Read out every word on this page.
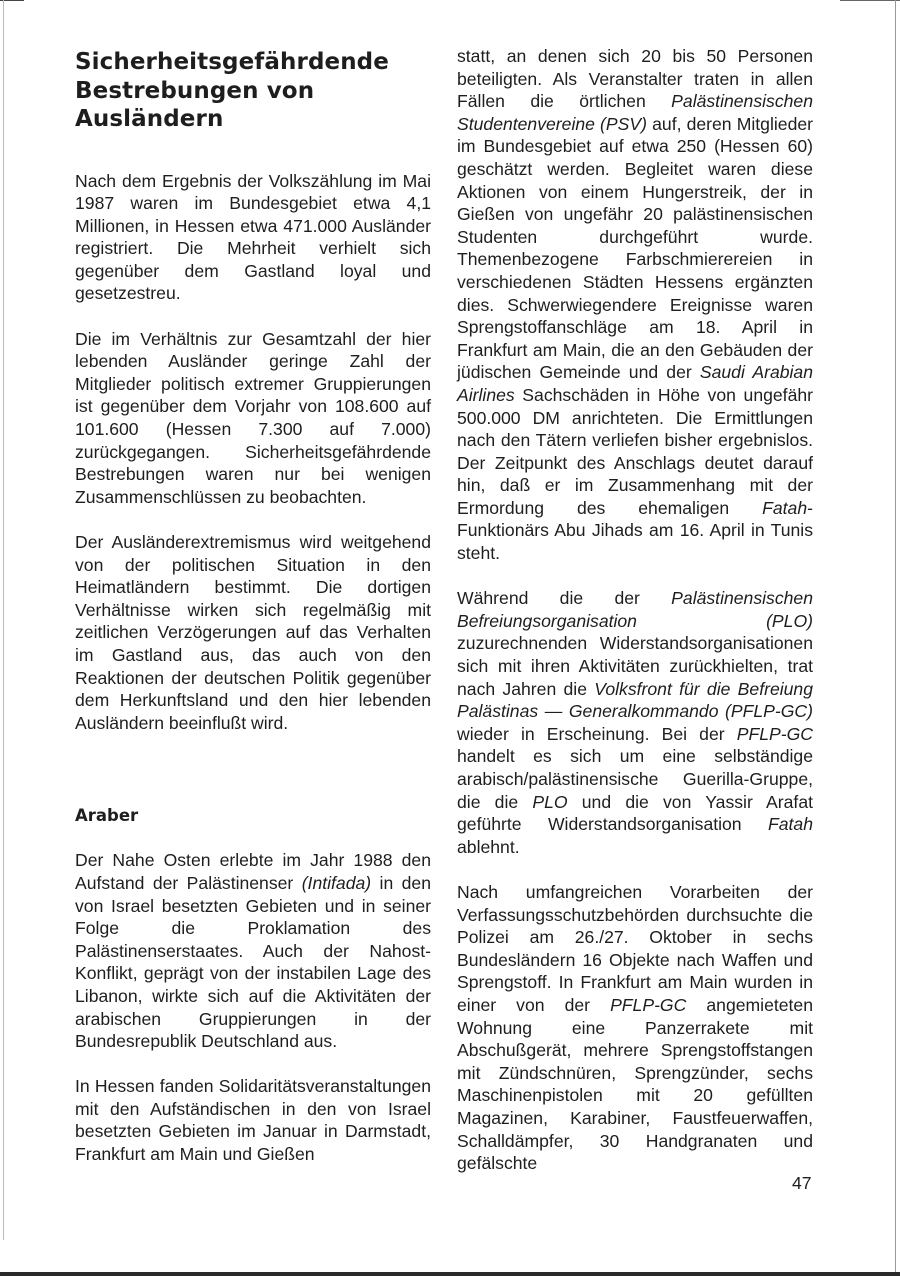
Sicherheitsgefährdende Bestrebungen von Ausländern

Nach dem Ergebnis der Volkszählung im Mai 1987 waren im Bundesgebiet etwa 4,1 Millionen, in Hessen etwa 471.000 Ausländer registriert. Die Mehrheit verhielt sich gegenüber dem Gastland loyal und gesetzestreu.

Die im Verhältnis zur Gesamtzahl der hier lebenden Ausländer geringe Zahl der Mitglieder politisch extremer Gruppierungen ist gegenüber dem Vorjahr von 108.600 auf 101.600 (Hessen 7.300 auf 7.000) zurückgegangen. Sicherheitsgefährdende Bestrebungen waren nur bei wenigen Zusammenschlüssen zu beobachten.

Der Ausländerextremismus wird weitgehend von der politischen Situation in den Heimatländern bestimmt. Die dortigen Verhältnisse wirken sich regelmäßig mit zeitlichen Verzögerungen auf das Verhalten im Gastland aus, das auch von den Reaktionen der deutschen Politik gegenüber dem Herkunftsland und den hier lebenden Ausländern beeinflußt wird.

Araber

Der Nahe Osten erlebte im Jahr 1988 den Aufstand der Palästinenser (Intifada) in den von Israel besetzten Gebieten und in seiner Folge die Proklamation des Palästinenserstaates. Auch der Nahost-Konflikt, geprägt von der instabilen Lage des Libanon, wirkte sich auf die Aktivitäten der arabischen Gruppierungen in der Bundesrepublik Deutschland aus.

In Hessen fanden Solidaritätsveranstaltungen mit den Aufständischen in den von Israel besetzten Gebieten im Januar in Darmstadt, Frankfurt am Main und Gießen

statt, an denen sich 20 bis 50 Personen beteiligten. Als Veranstalter traten in allen Fällen die örtlichen Palästinensischen Studentenvereine (PSV) auf, deren Mitglieder im Bundesgebiet auf etwa 250 (Hessen 60) geschätzt werden. Begleitet waren diese Aktionen von einem Hungerstreik, der in Gießen von ungefähr 20 palästinensischen Studenten durchgeführt wurde. Themenbezogene Farbschmierereien in verschiedenen Städten Hessens ergänzten dies. Schwerwiegendere Ereignisse waren Sprengstoffanschläge am 18. April in Frankfurt am Main, die an den Gebäuden der jüdischen Gemeinde und der Saudi Arabian Airlines Sachschäden in Höhe von ungefähr 500.000 DM anrichteten. Die Ermittlungen nach den Tätern verliefen bisher ergebnislos. Der Zeitpunkt des Anschlags deutet darauf hin, daß er im Zusammenhang mit der Ermordung des ehemaligen Fatah-Funktionärs Abu Jihads am 16. April in Tunis steht.

Während die der Palästinensischen Befreiungsorganisation (PLO) zuzurechnenden Widerstandsorganisationen sich mit ihren Aktivitäten zurückhielten, trat nach Jahren die Volksfront für die Befreiung Palästinas — Generalkommando (PFLP-GC) wieder in Erscheinung. Bei der PFLP-GC handelt es sich um eine selbständige arabisch/palästinensische Guerilla-Gruppe, die die PLO und die von Yassir Arafat geführte Widerstandsorganisation Fatah ablehnt.

Nach umfangreichen Vorarbeiten der Verfassungsschutzbehörden durchsuchte die Polizei am 26./27. Oktober in sechs Bundesländern 16 Objekte nach Waffen und Sprengstoff. In Frankfurt am Main wurden in einer von der PFLP-GC angemieteten Wohnung eine Panzerrakete mit Abschußgerät, mehrere Sprengstoffstangen mit Zündschnüren, Sprengzünder, sechs Maschinenpistolen mit 20 gefüllten Magazinen, Karabiner, Faustfeuerwaffen, Schalldämpfer, 30 Handgranaten und gefälschte

47
